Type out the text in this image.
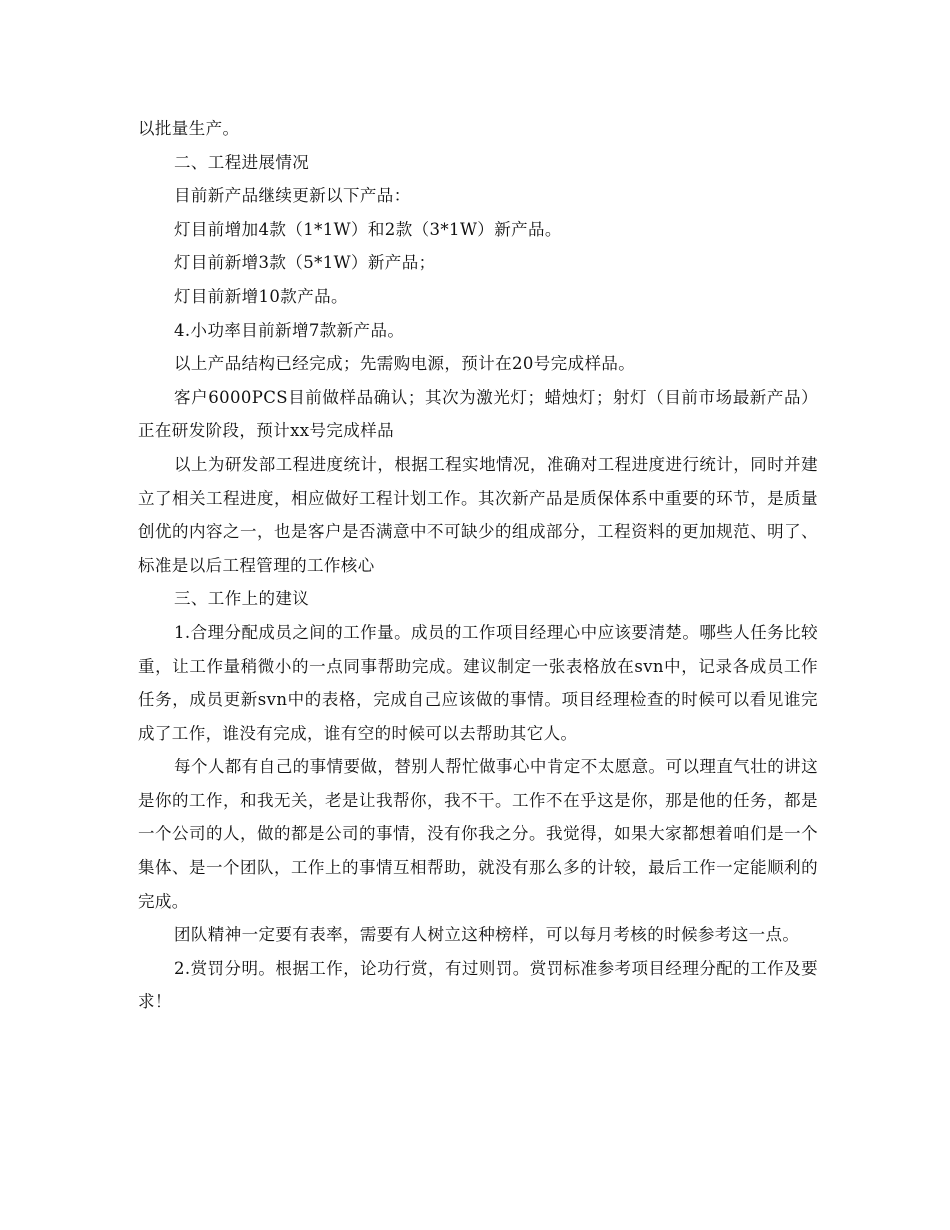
以批量生产。

二、工程进展情况

目前新产品继续更新以下产品：

灯目前增加4款（1*1W）和2款（3*1W）新产品。

灯目前新增3款（5*1W）新产品；

灯目前新增10款产品。

4.小功率目前新增7款新产品。

以上产品结构已经完成；先需购电源，预计在20号完成样品。

客户6000PCS目前做样品确认；其次为激光灯；蜡烛灯；射灯（目前市场最新产品）正在研发阶段，预计xx号完成样品

以上为研发部工程进度统计，根据工程实地情况，准确对工程进度进行统计，同时并建立了相关工程进度，相应做好工程计划工作。其次新产品是质保体系中重要的环节，是质量创优的内容之一，也是客户是否满意中不可缺少的组成部分，工程资料的更加规范、明了、标准是以后工程管理的工作核心

三、工作上的建议

1.合理分配成员之间的工作量。成员的工作项目经理心中应该要清楚。哪些人任务比较重，让工作量稍微小的一点同事帮助完成。建议制定一张表格放在svn中，记录各成员工作任务，成员更新svn中的表格，完成自己应该做的事情。项目经理检查的时候可以看见谁完成了工作，谁没有完成，谁有空的时候可以去帮助其它人。

每个人都有自己的事情要做，替别人帮忙做事心中肯定不太愿意。可以理直气壮的讲这是你的工作，和我无关，老是让我帮你，我不干。工作不在乎这是你，那是他的任务，都是一个公司的人，做的都是公司的事情，没有你我之分。我觉得，如果大家都想着咱们是一个集体、是一个团队，工作上的事情互相帮助，就没有那么多的计较，最后工作一定能顺利的完成。

团队精神一定要有表率，需要有人树立这种榜样，可以每月考核的时候参考这一点。

2.赏罚分明。根据工作，论功行赏，有过则罚。赏罚标准参考项目经理分配的工作及要求！
